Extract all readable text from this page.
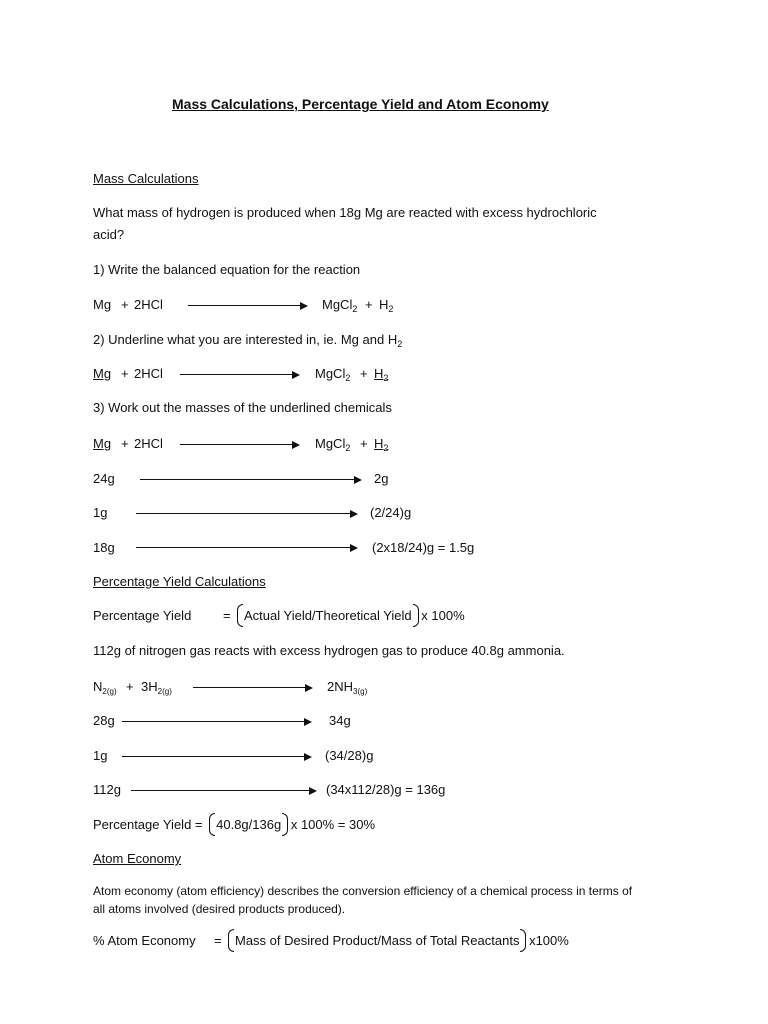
Mass Calculations, Percentage Yield and Atom Economy
Mass Calculations
What mass of hydrogen is produced when 18g Mg are reacted with excess hydrochloric
acid?
1) Write the balanced equation for the reaction
Mg + 2HCl	MgCl$_2$ + $H_2$
2) Underline what you are interested in, ie. Mg and $H_2$
Mg + 2HCl	MgCl$_2$ + $H_2$
3) Work out the masses of the underlined chemicals
Mg + 2HCl	MgCl$_2$ + $H_2$
24g	2g
1g	(2/24)g
18g	(2x18/24)g = 1.5g
Percentage Yield Calculations
Percentage Yield =	Actual Yield/Theoretical Yield x 100%
112g of nitrogen gas reacts with excess hydrogen gas to produce 40.8g ammonia.
$N_{2(g)} + 3H_{2(g)}$	$2NH_{3(g)}$
28g	34g
1g	(34/28)g
112g	(34x112/28)g = 136g
Percentage Yield = 40.8g/136g x 100% = 30%
Atom Economy
Atom economy (atom efficiency) describes the conversion efficiency of a chemical process in terms of
all atoms involved (desired products produced).
% Atom Economy =	Mass of Desired Product/Mass of Total Reactants x100%
